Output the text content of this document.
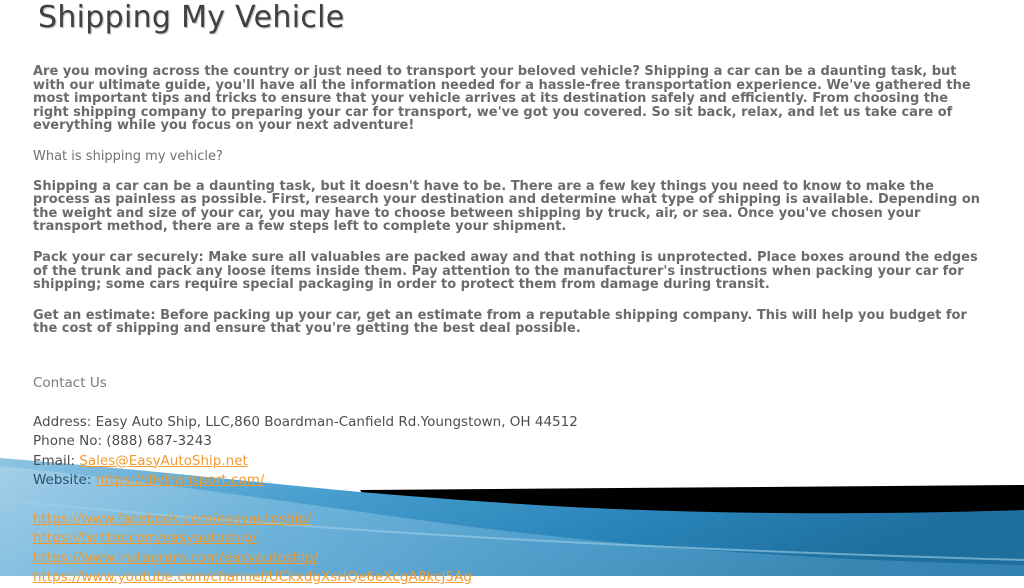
Shipping My Vehicle

Are you moving across the country or just need to transport your beloved vehicle? Shipping a car can be a daunting task, but with our ultimate guide, you'll have all the information needed for a hassle-free transportation experience. We've gathered the most important tips and tricks to ensure that your vehicle arrives at its destination safely and efficiently. From choosing the right shipping company to preparing your car for transport, we've got you covered. So sit back, relax, and let us take care of everything while you focus on your next adventure!

What is shipping my vehicle?

Shipping a car can be a daunting task, but it doesn't have to be. There are a few key things you need to know to make the process as painless as possible. First, research your destination and determine what type of shipping is available. Depending on the weight and size of your car, you may have to choose between shipping by truck, air, or sea. Once you've chosen your transport method, there are a few steps left to complete your shipment.

Pack your car securely: Make sure all valuables are packed away and that nothing is unprotected. Place boxes around the edges of the trunk and pack any loose items inside them. Pay attention to the manufacturer's instructions when packing your car for shipping; some cars require special packaging in order to protect them from damage during transit.

Get an estimate: Before packing up your car, get an estimate from a reputable shipping company. This will help you budget for the cost of shipping and ensure that you're getting the best deal possible.

Contact Us
Address: Easy Auto Ship, LLC,860 Boardman-Canfield Rd.Youngstown, OH 44512
Phone No: (888) 687-3243
Email: Sales@EasyAutoShip.net
Website: https://diytransport.com/
https://www.facebook.com/easyautoship/
https://twitter.com/easyautoship/
https://www.instagram.com/easyautoship/
https://www.youtube.com/channel/UCkxdgXsHQe6eXcgA8kcJ5Ag
